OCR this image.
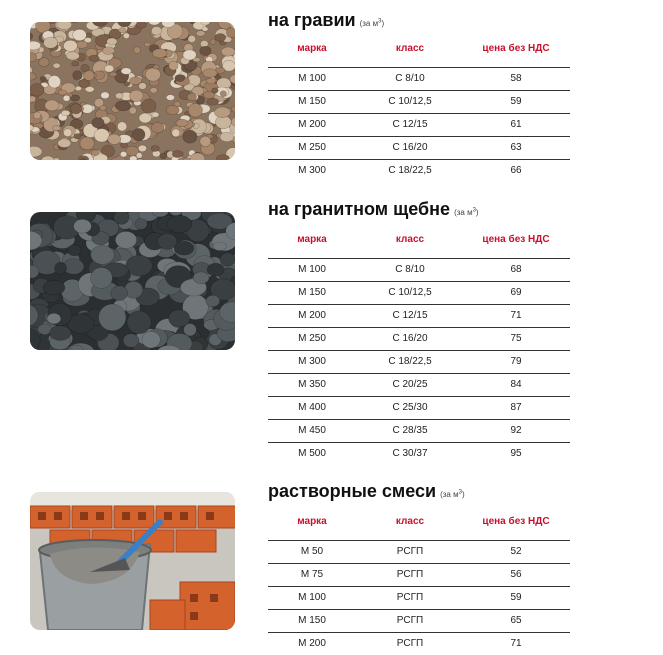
на гравии (за $м^3$)
марка	класс	цена без НДС
М 100	С 8/10	58
М 150	С 10/12,5	59
М 200	С 12/15	61
М 250	С 16/20	63
М 300	С 18/22,5	66
на гранитном щебне (за $м^3$)
марка	класс	цена без НДС
М 100	С 8/10	68
М 150	С 10/12,5	69
М 200	С 12/15	71
М 250	С 16/20	75
М 300	С 18/22,5	79
М 350	С 20/25	84
М 400	С 25/30	87
М 450	С 28/35	92
М 500	С 30/37	95
растворные смеси (за $м^3$)
марка	класс	цена без НДС
М 50	РСГП	52
М 75	РСГП	56
М 100	РСГП	59
М 150	РСГП	65
М 200	РСГП	71
